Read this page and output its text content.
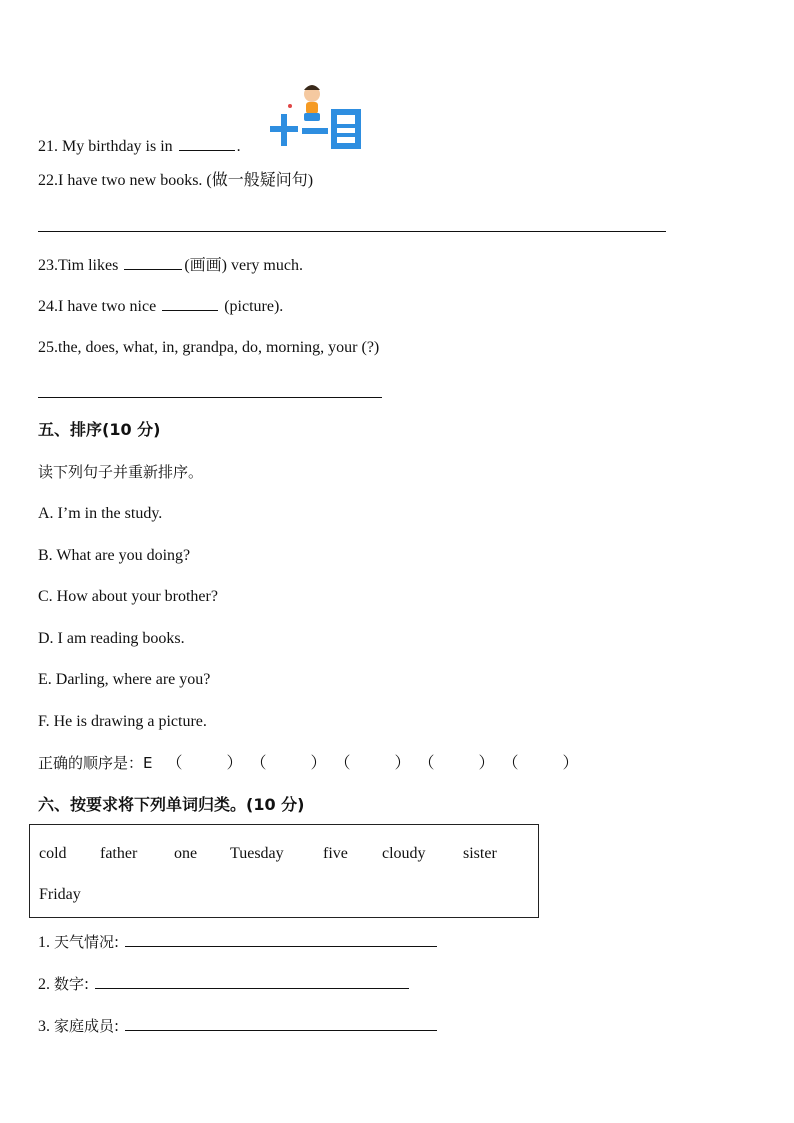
21. My birthday is in	.
22.I have two new books. (做一般疑问句)
23.Tim likes	(画画) very much.
24.I have two nice	(picture).
25.the, does, what, in, grandpa, do, morning, your (?)
五、排序(10 分)
读下列句子并重新排序。
A. I’m in the study.
B. What are you doing?
C. How about your brother?
D. I am reading books.
E. Darling, where are you?
F. He is drawing a picture.
正确的顺序是：E （           ） （           ） （           ） （           ） （           ）
六、按要求将下列单词归类。(10 分)
cold father one Tuesday five cloudy sister
Friday
1. 天气情况:
2. 数字:
3. 家庭成员:
